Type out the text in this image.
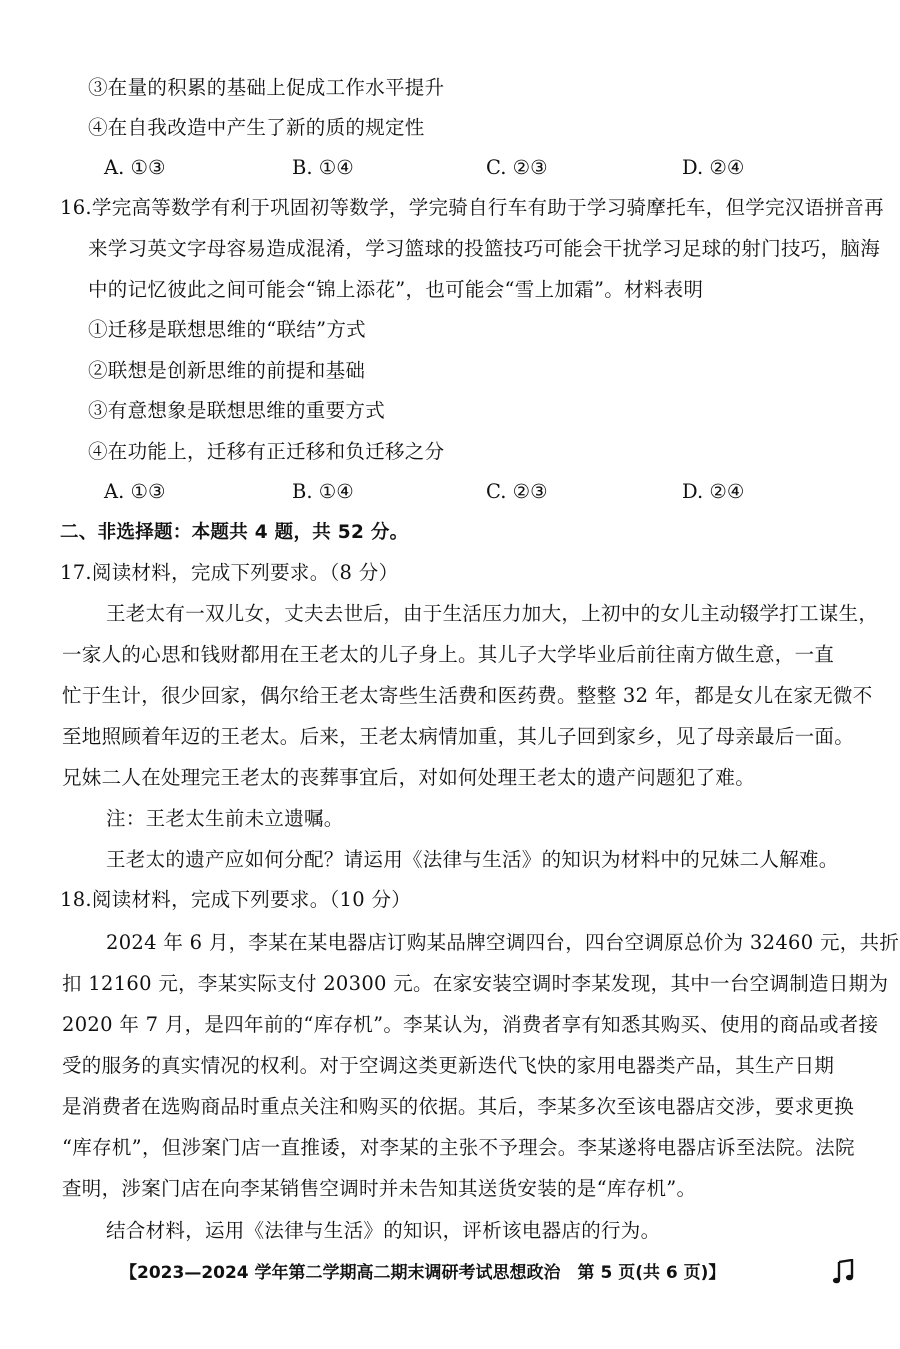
③在量的积累的基础上促成工作水平提升
④在自我改造中产生了新的质的规定性
A. ①③	B. ①④	C. ②③	D. ②④
16.学完高等数学有利于巩固初等数学，学完骑自行车有助于学习骑摩托车，但学完汉语拼音再
来学习英文字母容易造成混淆，学习篮球的投篮技巧可能会干扰学习足球的射门技巧，脑海
中的记忆彼此之间可能会“锦上添花”，也可能会“雪上加霜”。材料表明
①迁移是联想思维的“联结”方式
②联想是创新思维的前提和基础
③有意想象是联想思维的重要方式
④在功能上，迁移有正迁移和负迁移之分
A. ①③	B. ①④	C. ②③	D. ②④
二、非选择题：本题共 4 题，共 52 分。
17.阅读材料，完成下列要求。（8 分）
王老太有一双儿女，丈夫去世后，由于生活压力加大，上初中的女儿主动辍学打工谋生，
一家人的心思和钱财都用在王老太的儿子身上。其儿子大学毕业后前往南方做生意，一直
忙于生计，很少回家，偶尔给王老太寄些生活费和医药费。整整 32 年，都是女儿在家无微不
至地照顾着年迈的王老太。后来，王老太病情加重，其儿子回到家乡，见了母亲最后一面。
兄妹二人在处理完王老太的丧葬事宜后，对如何处理王老太的遗产问题犯了难。
注：王老太生前未立遗嘱。
王老太的遗产应如何分配？请运用《法律与生活》的知识为材料中的兄妹二人解难。
18.阅读材料，完成下列要求。（10 分）
2024 年 6 月，李某在某电器店订购某品牌空调四台，四台空调原总价为 32460 元，共折
扣 12160 元，李某实际支付 20300 元。在家安装空调时李某发现，其中一台空调制造日期为
2020 年 7 月，是四年前的“库存机”。李某认为，消费者享有知悉其购买、使用的商品或者接
受的服务的真实情况的权利。对于空调这类更新迭代飞快的家用电器类产品，其生产日期
是消费者在选购商品时重点关注和购买的依据。其后，李某多次至该电器店交涉，要求更换
“库存机”，但涉案门店一直推诿，对李某的主张不予理会。李某遂将电器店诉至法院。法院
查明，涉案门店在向李某销售空调时并未告知其送货安装的是“库存机”。
结合材料，运用《法律与生活》的知识，评析该电器店的行为。
【2023—2024 学年第二学期高二期末调研考试思想政治　第 5 页(共 6 页)】
